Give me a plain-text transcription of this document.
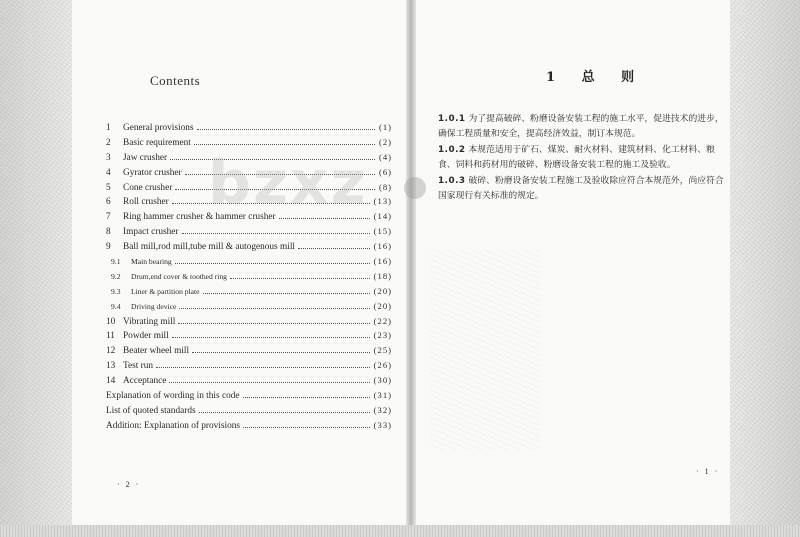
Contents
1	General provisions	(1)
2	Basic requirement	(2)
3	Jaw crusher	(4)
4	Gyrator crusher	(6)
5	Cone crusher	(8)
6	Roll crusher	(13)
7	Ring hammer crusher & hammer crusher	(14)
8	Impact crusher	(15)
9	Ball mill,rod mill,tube mill & autogenous mill	(16)
9.1	Main bearing	(16)
9.2	Drum,end cover & toothed ring	(18)
9.3	Liner & partition plate	(20)
9.4	Driving device	(20)
10 Vibrating mill	(22)
11 Powder mill	(23)
12 Beater wheel mill	(25)
13 Test run	(26)
14 Acceptance	(30)
Explanation of wording in this code	(31)
List of quoted standards	(32)
Addition: Explanation of provisions	(33)
· 2 ·
1 总 则

1.0.1 为了提高破碎、粉磨设备安装工程的施工水平，促进技术的进步，确保工程质量和安全，提高经济效益，制订本规范。

1.0.2 本规范适用于矿石、煤炭、耐火材料、建筑材料、化工材料、粮食、饲料和药材用的破碎、粉磨设备安装工程的施工及验收。

1.0.3 破碎、粉磨设备安装工程施工及验收除应符合本规范外，尚应符合国家现行有关标准的规定。

· 1 ·
bzxz
